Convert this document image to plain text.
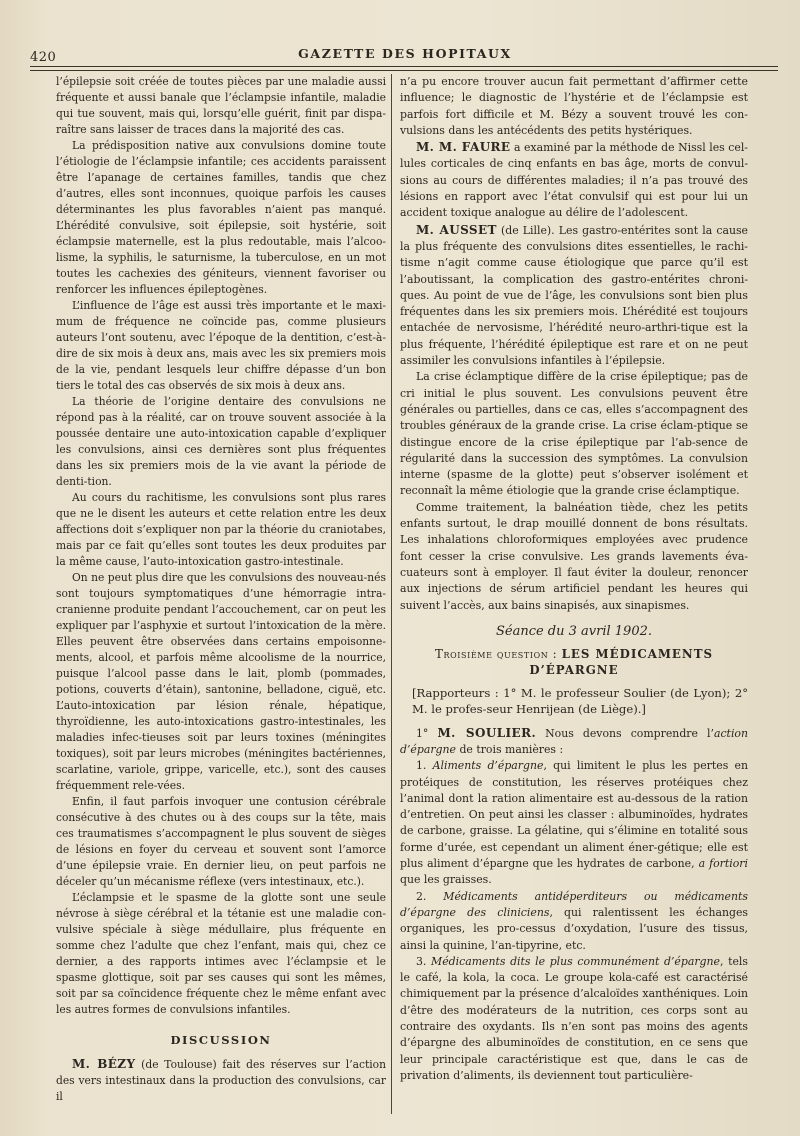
420	GAZETTE DES HOPITAUX

l’épilepsie soit créée de toutes pièces par une maladie aussi fréquente et aussi banale que l’éclampsie infantile, maladie qui tue souvent, mais qui, lorsqu’elle guérit, finit par dispa-raître sans laisser de traces dans la majorité des cas.

La prédisposition native aux convulsions domine toute l’étiologie de l’éclampsie infantile; ces accidents paraissent être l’apanage de certaines familles, tandis que chez d’autres, elles sont inconnues, quoique parfois les causes déterminantes les plus favorables n’aient pas manqué. L’hérédité convulsive, soit épilepsie, soit hystérie, soit éclampsie maternelle, est la plus redoutable, mais l’alcoo-lisme, la syphilis, le saturnisme, la tuberculose, en un mot toutes les cachexies des géniteurs, viennent favoriser ou renforcer les influences épileptogènes.

L’influence de l’âge est aussi très importante et le maxi-mum de fréquence ne coïncide pas, comme plusieurs auteurs l’ont soutenu, avec l’époque de la dentition, c’est-à-dire de six mois à deux ans, mais avec les six premiers mois de la vie, pendant lesquels leur chiffre dépasse d’un bon tiers le total des cas observés de six mois à deux ans.

La théorie de l’origine dentaire des convulsions ne répond pas à la réalité, car on trouve souvent associée à la poussée dentaire une auto-intoxication capable d’expliquer les convulsions, ainsi ces dernières sont plus fréquentes dans les six premiers mois de la vie avant la période de denti-tion.

Au cours du rachitisme, les convulsions sont plus rares que ne le disent les auteurs et cette relation entre les deux affections doit s’expliquer non par la théorie du craniotabes, mais par ce fait qu’elles sont toutes les deux produites par la même cause, l’auto-intoxication gastro-intestinale.

On ne peut plus dire que les convulsions des nouveau-nés sont toujours symptomatiques d’une hémorragie intra-cranienne produite pendant l’accouchement, car on peut les expliquer par l’asphyxie et surtout l’intoxication de la mère. Elles peuvent être observées dans certains empoisonne-ments, alcool, et parfois même alcoolisme de la nourrice, puisque l’alcool passe dans le lait, plomb (pommades, potions, couverts d’étain), santonine, belladone, ciguë, etc. L’auto-intoxication par lésion rénale, hépatique, thyroïdienne, les auto-intoxications gastro-intestinales, les maladies infec-tieuses soit par leurs toxines (méningites toxiques), soit par leurs microbes (méningites bactériennes, scarlatine, variole, grippe, varicelle, etc.), sont des causes fréquemment rele-vées.

Enfin, il faut parfois invoquer une contusion cérébrale consécutive à des chutes ou à des coups sur la tête, mais ces traumatismes s’accompagnent le plus souvent de sièges de lésions en foyer du cerveau et souvent sont l’amorce d’une épilepsie vraie. En dernier lieu, on peut parfois ne déceler qu’un mécanisme réflexe (vers intestinaux, etc.).

L’éclampsie et le spasme de la glotte sont une seule névrose à siège cérébral et la tétanie est une maladie con-vulsive spéciale à siège médullaire, plus fréquente en somme chez l’adulte que chez l’enfant, mais qui, chez ce dernier, a des rapports intimes avec l’éclampsie et le spasme glottique, soit par ses causes qui sont les mêmes, soit par sa coïncidence fréquente chez le même enfant avec les autres formes de convulsions infantiles.

DISCUSSION

M. BÉZY (de Toulouse) fait des réserves sur l’action des vers intestinaux dans la production des convulsions, car il

n’a pu encore trouver aucun fait permettant d’affirmer cette influence; le diagnostic de l’hystérie et de l’éclampsie est parfois fort difficile et M. Bézy a souvent trouvé les con-vulsions dans les antécédents des petits hystériques.

M. M. FAURE a examiné par la méthode de Nissl les cel-lules corticales de cinq enfants en bas âge, morts de convul-sions au cours de différentes maladies; il n’a pas trouvé des lésions en rapport avec l’état convulsif qui est pour lui un accident toxique analogue au délire de l’adolescent.

M. AUSSET (de Lille). Les gastro-entérites sont la cause la plus fréquente des convulsions dites essentielles, le rachi-tisme n’agit comme cause étiologique que parce qu’il est l’aboutissant, la complication des gastro-entérites chroni-ques. Au point de vue de l’âge, les convulsions sont bien plus fréquentes dans les six premiers mois. L’hérédité est toujours entachée de nervosisme, l’hérédité neuro-arthri-tique est la plus fréquente, l’hérédité épileptique est rare et on ne peut assimiler les convulsions infantiles à l’épilepsie.

La crise éclamptique diffère de la crise épileptique; pas de cri initial le plus souvent. Les convulsions peuvent être générales ou partielles, dans ce cas, elles s’accompagnent des troubles généraux de la grande crise. La crise éclam-ptique se distingue encore de la crise épileptique par l’ab-sence de régularité dans la succession des symptômes. La convulsion interne (spasme de la glotte) peut s’observer isolément et reconnaît la même étiologie que la grande crise éclamptique.

Comme traitement, la balnéation tiède, chez les petits enfants surtout, le drap mouillé donnent de bons résultats. Les inhalations chloroformiques employées avec prudence font cesser la crise convulsive. Les grands lavements éva-cuateurs sont à employer. Il faut éviter la douleur, renoncer aux injections de sérum artificiel pendant les heures qui suivent l’accès, aux bains sinapisés, aux sinapismes.

Séance du 3 avril 1902.
Troisième question : LES MÉDICAMENTS D’ÉPARGNE

[Rapporteurs : 1° M. le professeur Soulier (de Lyon); 2° M. le profes-seur Henrijean (de Liège).]

1° M. SOULIER. Nous devons comprendre l’action d’épargne de trois manières :

1. Aliments d’épargne, qui limitent le plus les pertes en protéiques de constitution, les réserves protéiques chez l’animal dont la ration alimentaire est au-dessous de la ration d’entretien. On peut ainsi les classer : albuminoïdes, hydrates de carbone, graisse. La gélatine, qui s’élimine en totalité sous forme d’urée, est cependant un aliment éner-gétique; elle est plus aliment d’épargne que les hydrates de carbone, a fortiori que les graisses.

2. Médicaments antidéperditeurs ou médicaments d’épargne des cliniciens, qui ralentissent les échanges organiques, les pro-cessus d’oxydation, l’usure des tissus, ainsi la quinine, l’an-tipyrine, etc.

3. Médicaments dits le plus communément d’épargne, tels le café, la kola, la coca. Le groupe kola-café est caractérisé chimiquement par la présence d’alcaloïdes xanthéniques. Loin d’être des modérateurs de la nutrition, ces corps sont au contraire des oxydants. Ils n’en sont pas moins des agents d’épargne des albuminoïdes de constitution, en ce sens que leur principale caractéristique est que, dans le cas de privation d’aliments, ils deviennent tout particulière-
